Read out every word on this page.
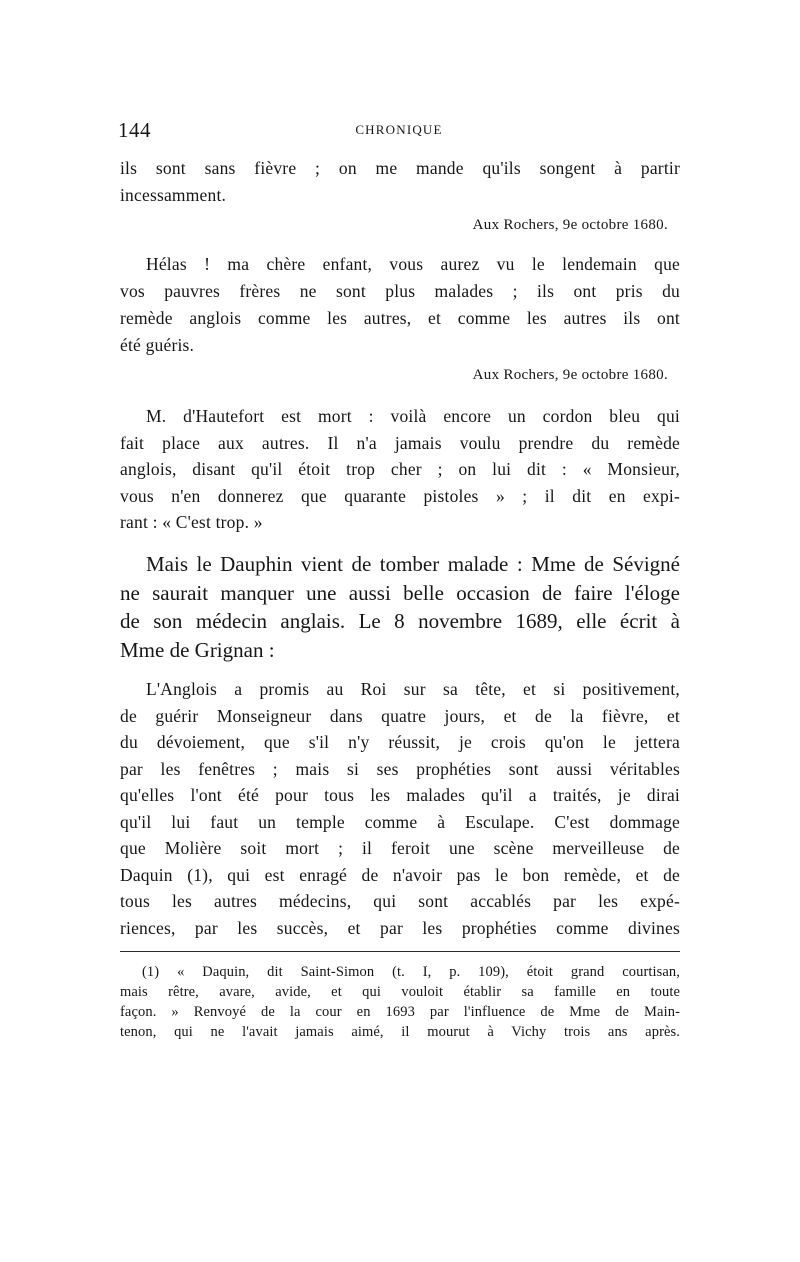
144	CHRONIQUE
ils sont sans fièvre ; on me mande qu'ils songent à partir
incessamment.
Aux Rochers, 9e octobre 1680.
Hélas ! ma chère enfant, vous aurez vu le lendemain que
vos pauvres frères ne sont plus malades ; ils ont pris du
remède anglois comme les autres, et comme les autres ils ont
été guéris.
Aux Rochers, 9e octobre 1680.
M. d'Hautefort est mort : voilà encore un cordon bleu qui
fait place aux autres. Il n'a jamais voulu prendre du remède
anglois, disant qu'il étoit trop cher ; on lui dit : « Monsieur,
vous n'en donnerez que quarante pistoles » ; il dit en expi-
rant : « C'est trop. »
Mais le Dauphin vient de tomber malade : Mme de Sévigné
ne saurait manquer une aussi belle occasion de faire l'éloge
de son médecin anglais. Le 8 novembre 1689, elle écrit à
Mme de Grignan :
L'Anglois a promis au Roi sur sa tête, et si positivement,
de guérir Monseigneur dans quatre jours, et de la fièvre, et
du dévoiement, que s'il n'y réussit, je crois qu'on le jettera
par les fenêtres ; mais si ses prophéties sont aussi véritables
qu'elles l'ont été pour tous les malades qu'il a traités, je dirai
qu'il lui faut un temple comme à Esculape. C'est dommage
que Molière soit mort ; il feroit une scène merveilleuse de
Daquin (1), qui est enragé de n'avoir pas le bon remède, et de
tous les autres médecins, qui sont accablés par les expé-
riences, par les succès, et par les prophéties comme divines
(1) « Daquin, dit Saint-Simon (t. I, p. 109), étoit grand courtisan,
mais rêtre, avare, avide, et qui vouloit établir sa famille en toute
façon. » Renvoyé de la cour en 1693 par l'influence de Mme de Main-
tenon, qui ne l'avait jamais aimé, il mourut à Vichy trois ans après.
